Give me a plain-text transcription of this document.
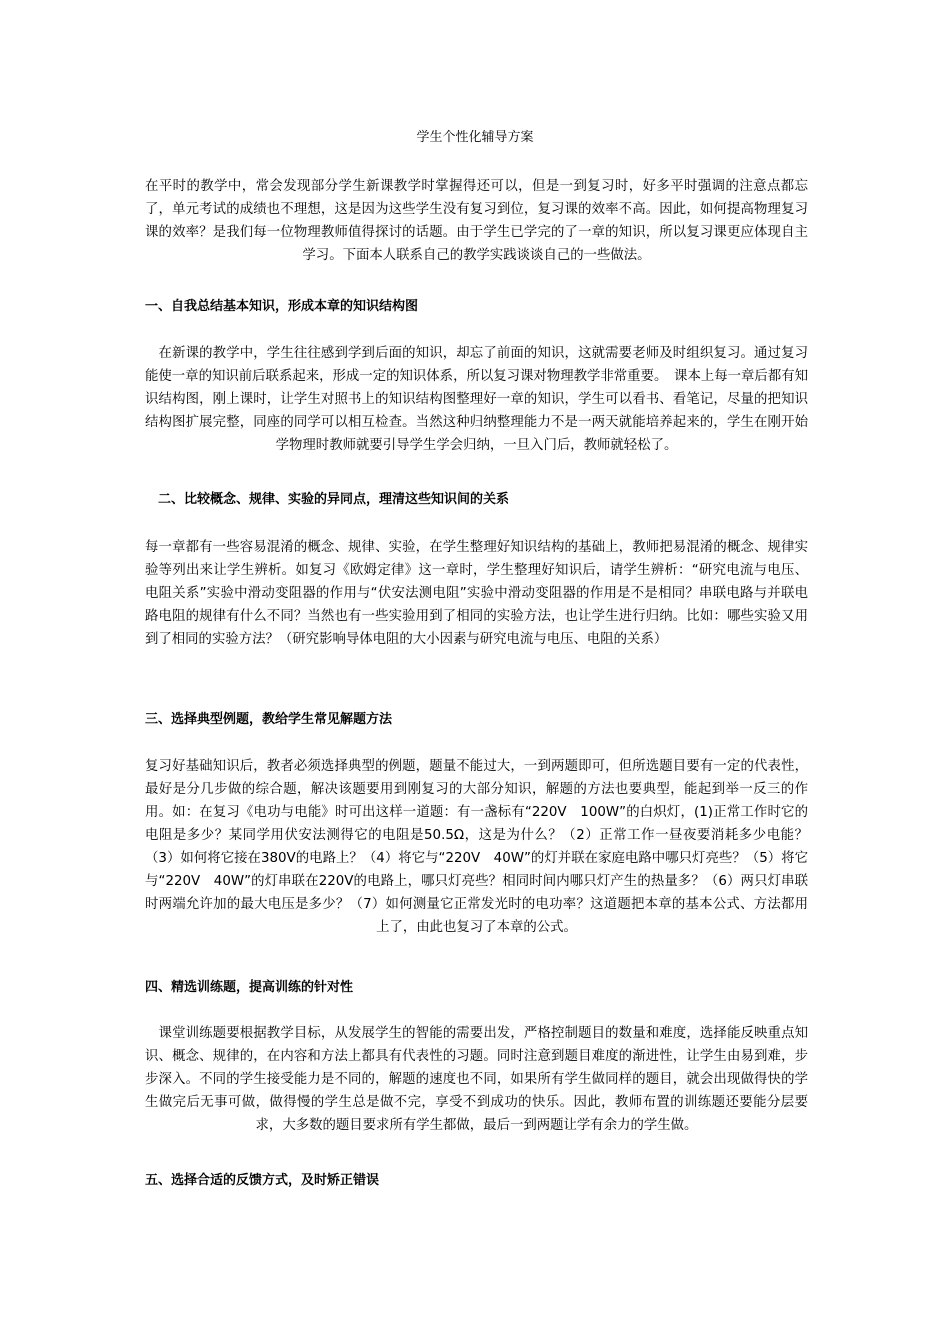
学生个性化辅导方案

在平时的教学中，常会发现部分学生新课教学时掌握得还可以，但是一到复习时，好多平时强调的注意点都忘了，单元考试的成绩也不理想，这是因为这些学生没有复习到位，复习课的效率不高。因此，如何提高物理复习课的效率？是我们每一位物理教师值得探讨的话题。由于学生已学完的了一章的知识，所以复习课更应体现自主学习。下面本人联系自己的教学实践谈谈自己的一些做法。

一、自我总结基本知识，形成本章的知识结构图

　在新课的教学中，学生往往感到学到后面的知识，却忘了前面的知识，这就需要老师及时组织复习。通过复习能使一章的知识前后联系起来，形成一定的知识体系，所以复习课对物理教学非常重要。　课本上每一章后都有知识结构图，刚上课时，让学生对照书上的知识结构图整理好一章的知识，学生可以看书、看笔记，尽量的把知识结构图扩展完整，同座的同学可以相互检查。当然这种归纳整理能力不是一两天就能培养起来的，学生在刚开始学物理时教师就要引导学生学会归纳，一旦入门后，教师就轻松了。

二、比较概念、规律、实验的异同点，理清这些知识间的关系

每一章都有一些容易混淆的概念、规律、实验，在学生整理好知识结构的基础上，教师把易混淆的概念、规律实验等列出来让学生辨析。如复习《欧姆定律》这一章时，学生整理好知识后，请学生辨析：“研究电流与电压、电阻关系”实验中滑动变阻器的作用与“伏安法测电阻”实验中滑动变阻器的作用是不是相同？串联电路与并联电路电阻的规律有什么不同？当然也有一些实验用到了相同的实验方法，也让学生进行归纳。比如：哪些实验又用到了相同的实验方法？（研究影响导体电阻的大小因素与研究电流与电压、电阻的关系）

三、选择典型例题，教给学生常见解题方法

复习好基础知识后，教者必须选择典型的例题，题量不能过大，一到两题即可，但所选题目要有一定的代表性，最好是分几步做的综合题，解决该题要用到刚复习的大部分知识，解题的方法也要典型，能起到举一反三的作用。如：在复习《电功与电能》时可出这样一道题：有一盏标有“220V　100W”的白炽灯，(1)正常工作时它的电阻是多少？某同学用伏安法测得它的电阻是50.5Ω，这是为什么？（2）正常工作一昼夜要消耗多少电能？（3）如何将它接在380V的电路上？（4）将它与“220V　40W”的灯并联在家庭电路中哪只灯亮些？（5）将它与“220V　40W”的灯串联在220V的电路上，哪只灯亮些？相同时间内哪只灯产生的热量多？（6）两只灯串联时两端允许加的最大电压是多少？（7）如何测量它正常发光时的电功率？这道题把本章的基本公式、方法都用上了，由此也复习了本章的公式。

四、精选训练题，提高训练的针对性

　课堂训练题要根据教学目标，从发展学生的智能的需要出发，严格控制题目的数量和难度，选择能反映重点知识、概念、规律的，在内容和方法上都具有代表性的习题。同时注意到题目难度的渐进性，让学生由易到难，步步深入。不同的学生接受能力是不同的，解题的速度也不同，如果所有学生做同样的题目，就会出现做得快的学生做完后无事可做，做得慢的学生总是做不完，享受不到成功的快乐。因此，教师布置的训练题还要能分层要求，大多数的题目要求所有学生都做，最后一到两题让学有余力的学生做。

五、选择合适的反馈方式，及时矫正错误
